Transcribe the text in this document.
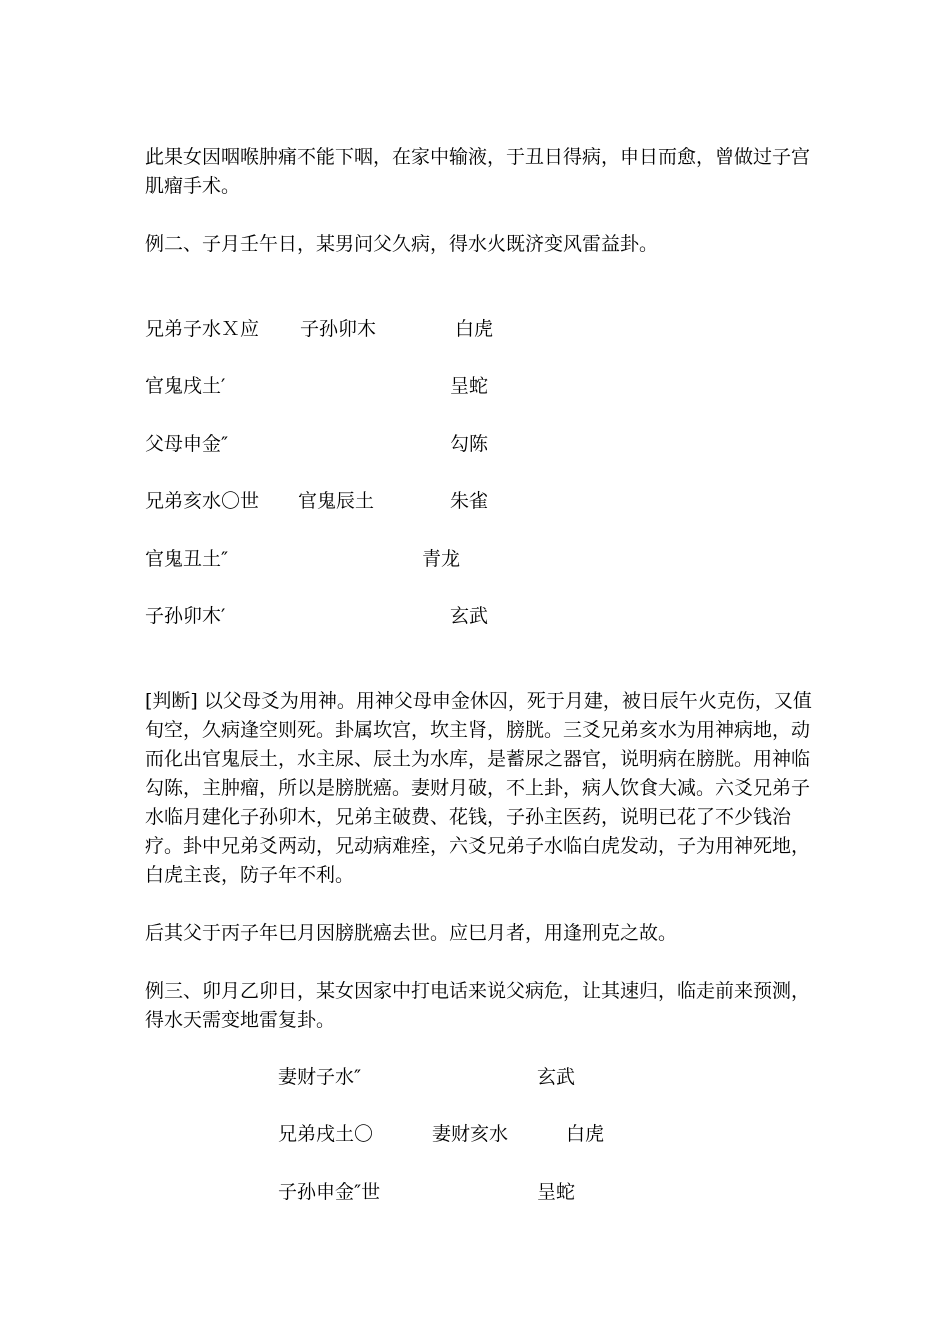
此果女因咽喉肿痛不能下咽，在家中输液，于丑日得病，申日而愈，曾做过子宫肌瘤手术。

例二、子月壬午日，某男问父久病，得水火既济变风雷益卦。

兄弟子水Ｘ应 子孙卯木	白虎
官鬼戌土′	呈蛇
父母申金″	勾陈
兄弟亥水〇世 官鬼辰土	朱雀
官鬼丑土″	青龙
子孙卯木′	玄武

[判断] 以父母爻为用神。用神父母申金休囚，死于月建，被日辰午火克伤，又值旬空，久病逢空则死。卦属坎宫，坎主肾，膀胱。三爻兄弟亥水为用神病地，动而化出官鬼辰土，水主尿、辰土为水库，是蓄尿之器官，说明病在膀胱。用神临勾陈，主肿瘤，所以是膀胱癌。妻财月破，不上卦，病人饮食大减。六爻兄弟子水临月建化子孙卯木，兄弟主破费、花钱，子孙主医药，说明已花了不少钱治疗。卦中兄弟爻两动，兄动病难痊，六爻兄弟子水临白虎发动，子为用神死地，白虎主丧，防子年不利。

后其父于丙子年巳月因膀胱癌去世。应巳月者，用逢刑克之故。

例三、卯月乙卯日，某女因家中打电话来说父病危，让其速归，临走前来预测，得水天需变地雷复卦。

妻财子水″	玄武
兄弟戌土〇	妻财亥水	白虎
子孙申金″世	呈蛇
